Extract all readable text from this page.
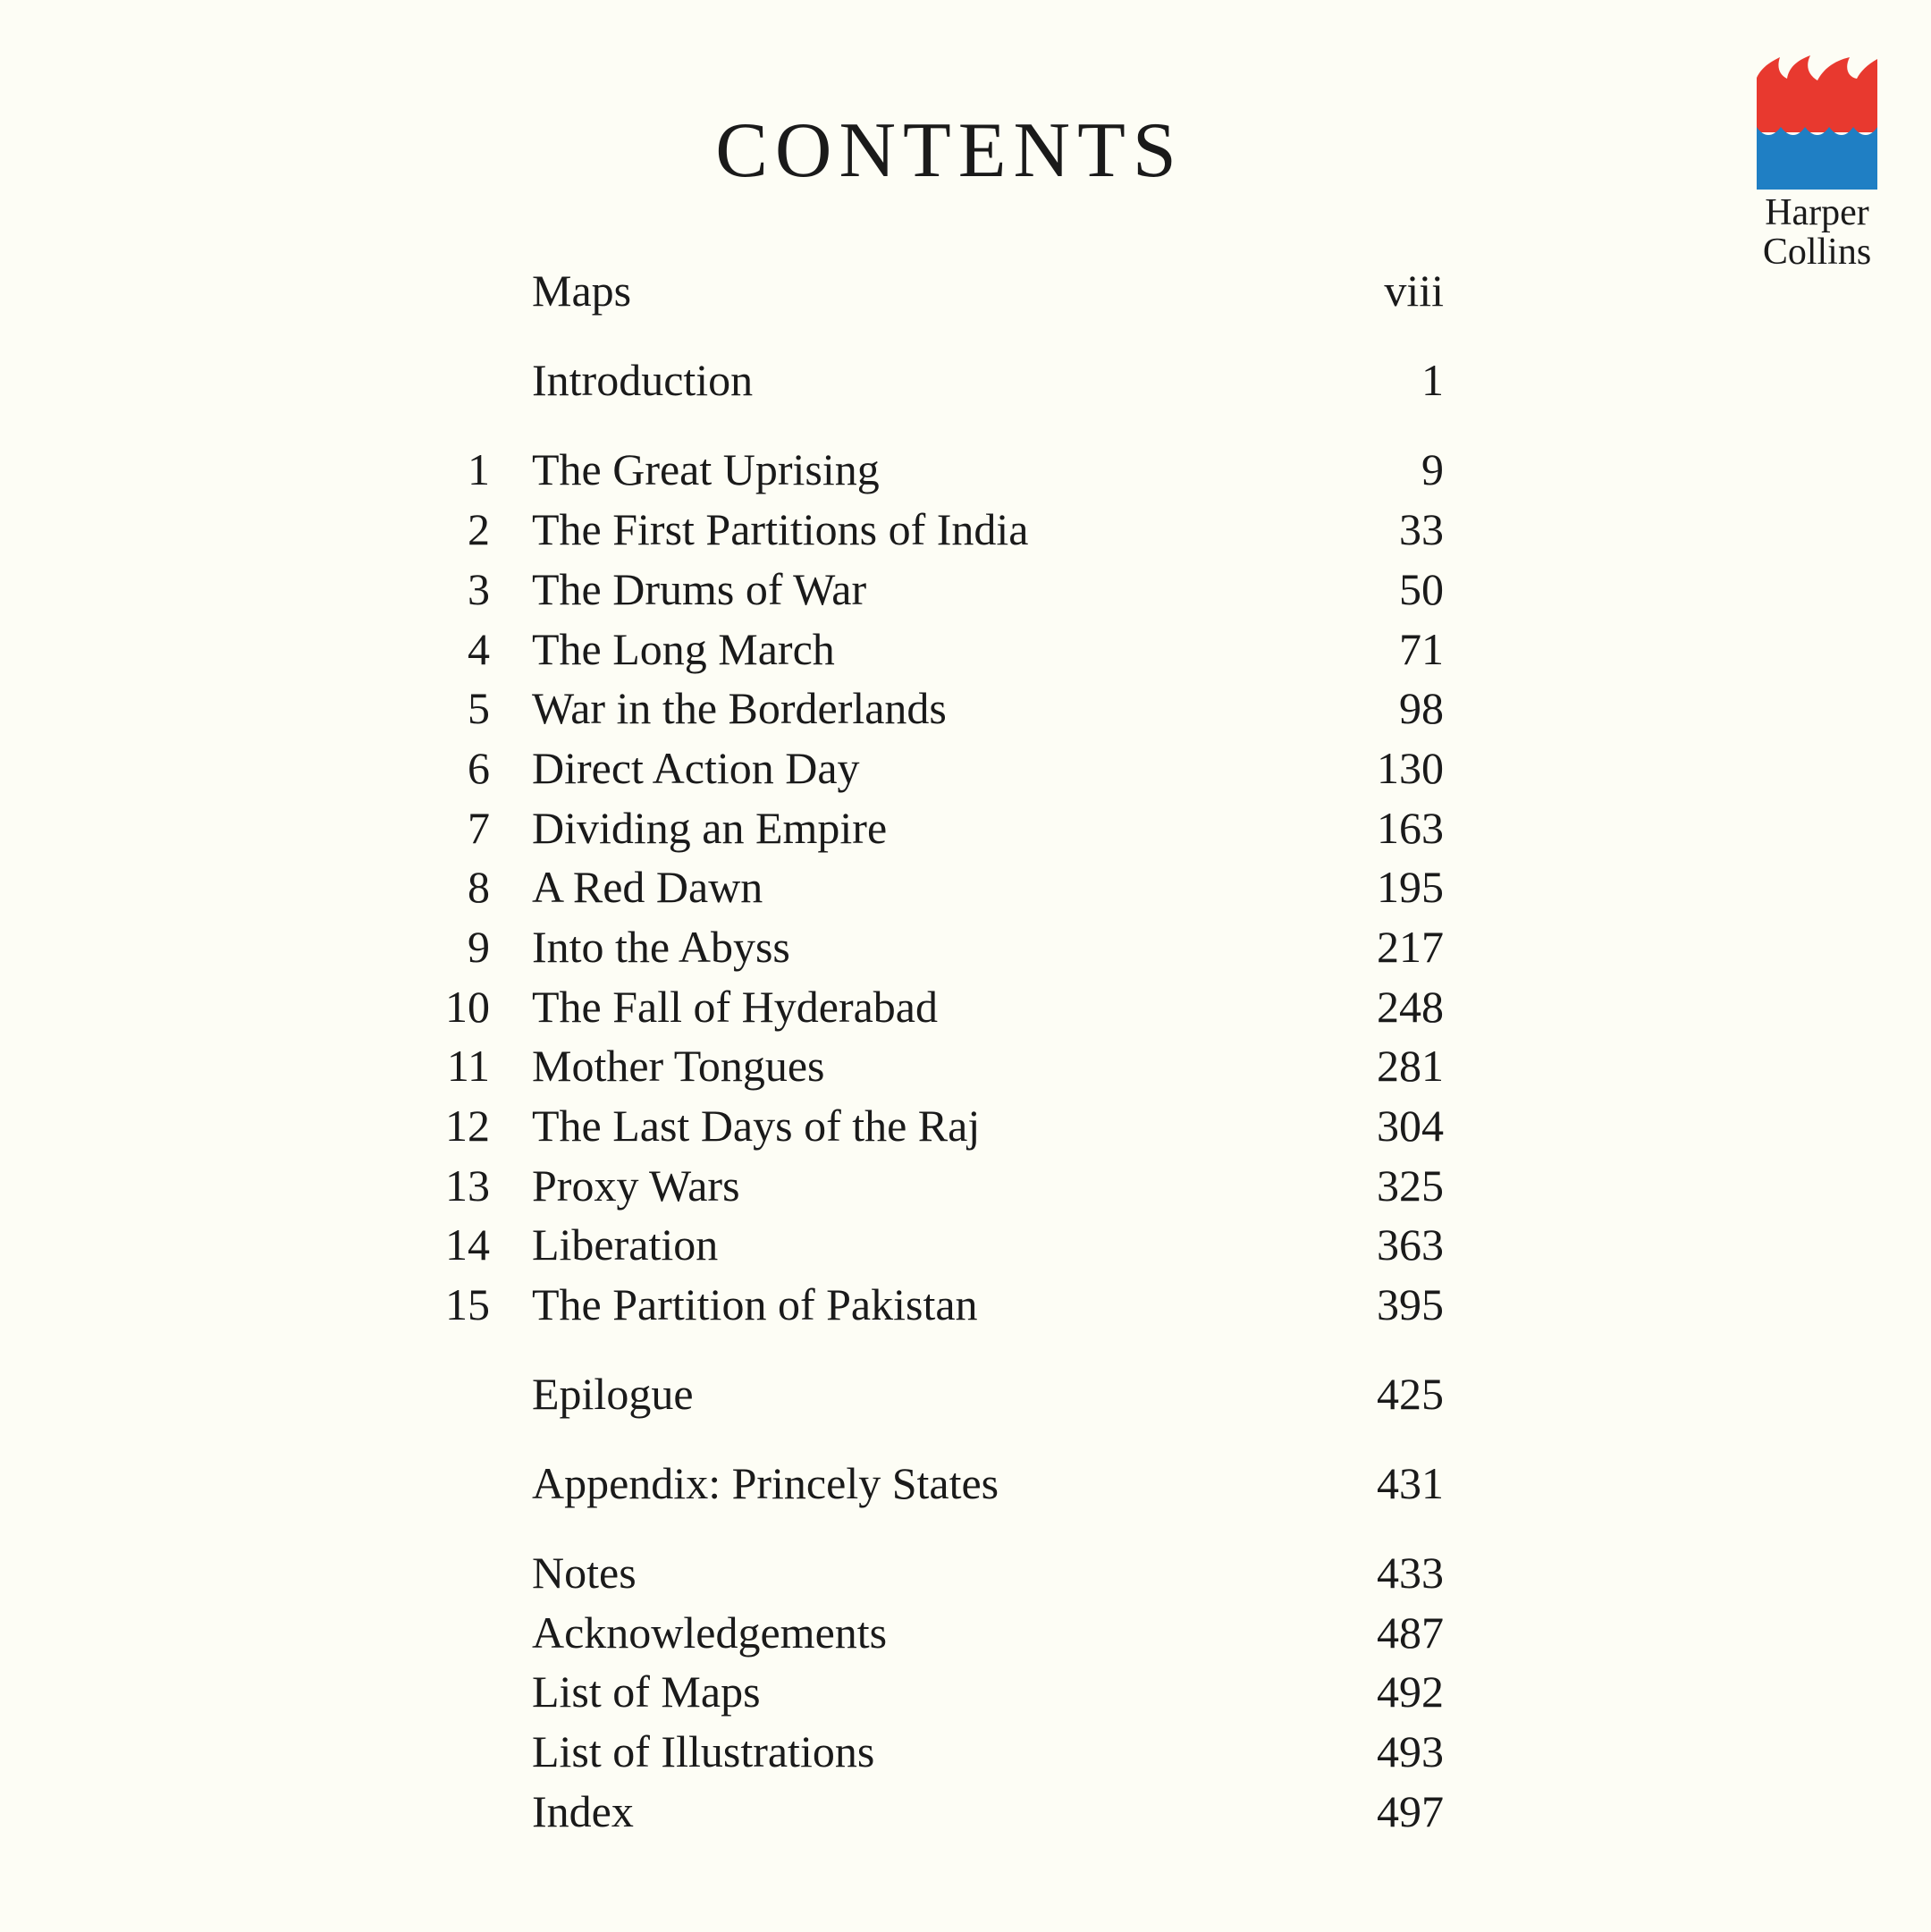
CONTENTS
Harper
Collins
Maps	viii
Introduction	1
1 The Great Uprising	9
2 The First Partitions of India	33
3 The Drums of War	50
4 The Long March	71
5 War in the Borderlands	98
6 Direct Action Day	130
7 Dividing an Empire	163
8 A Red Dawn	195
9 Into the Abyss	217
10 The Fall of Hyderabad	248
11 Mother Tongues	281
12 The Last Days of the Raj	304
13 Proxy Wars	325
14 Liberation	363
15 The Partition of Pakistan	395
Epilogue	425
Appendix: Princely States	431
Notes	433
Acknowledgements	487
List of Maps	492
List of Illustrations	493
Index	497
